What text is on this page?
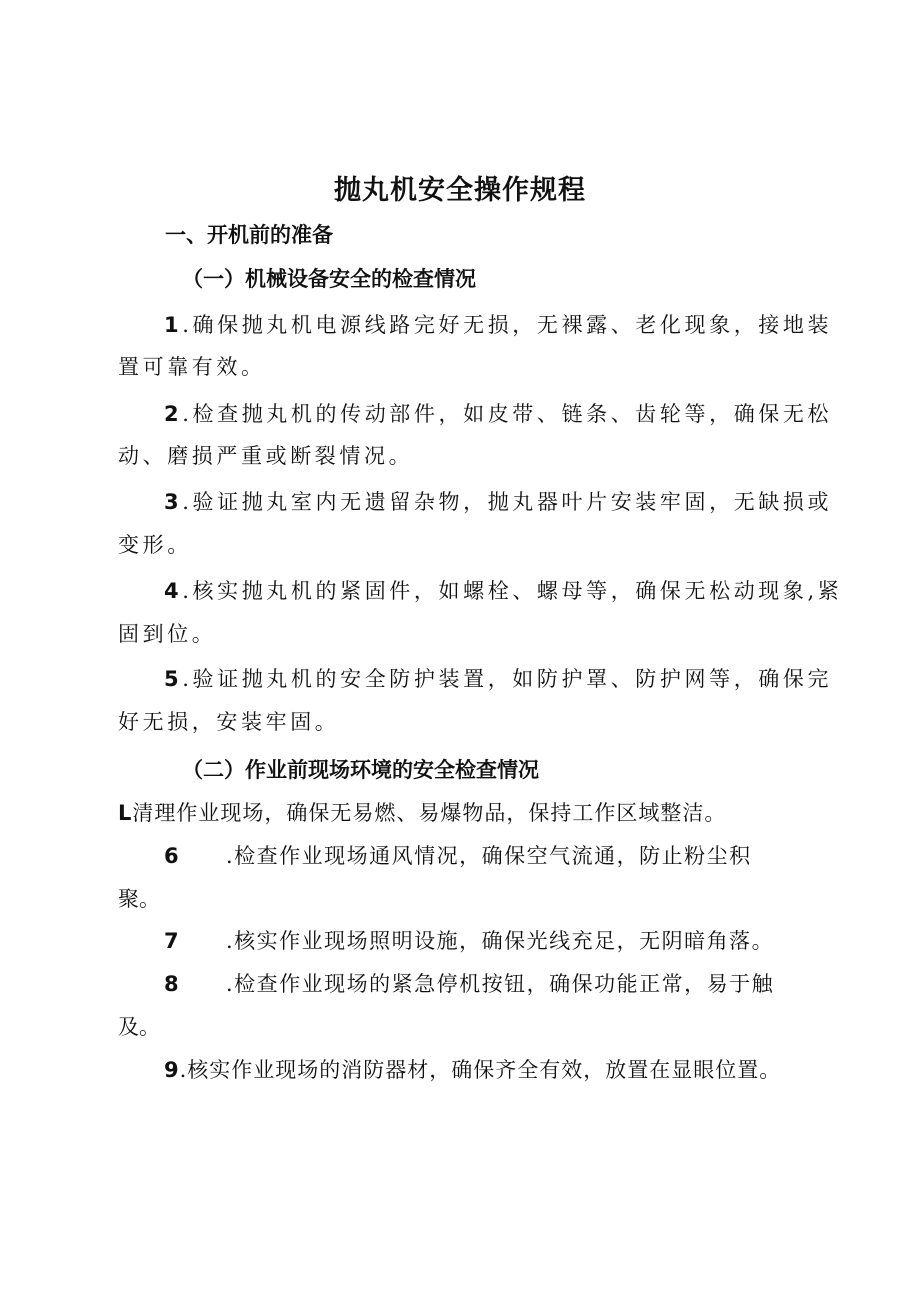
抛丸机安全操作规程

一、开机前的准备

（一）机械设备安全的检查情况

1.确保抛丸机电源线路完好无损，无裸露、老化现象，接地装

置可靠有效。

2.检查抛丸机的传动部件，如皮带、链条、齿轮等，确保无松

动、磨损严重或断裂情况。

3.验证抛丸室内无遗留杂物，抛丸器叶片安装牢固，无缺损或

变形。

4.核实抛丸机的紧固件，如螺栓、螺母等，确保无松动现象,紧

固到位。

5.验证抛丸机的安全防护装置，如防护罩、防护网等，确保完

好无损，安装牢固。

（二）作业前现场环境的安全检查情况

L清理作业现场，确保无易燃、易爆物品，保持工作区域整洁。

6 .检查作业现场通风情况，确保空气流通，防止粉尘积

聚。

7 .核实作业现场照明设施，确保光线充足，无阴暗角落。

8 .检查作业现场的紧急停机按钮，确保功能正常，易于触

及。

9.核实作业现场的消防器材，确保齐全有效，放置在显眼位置。
